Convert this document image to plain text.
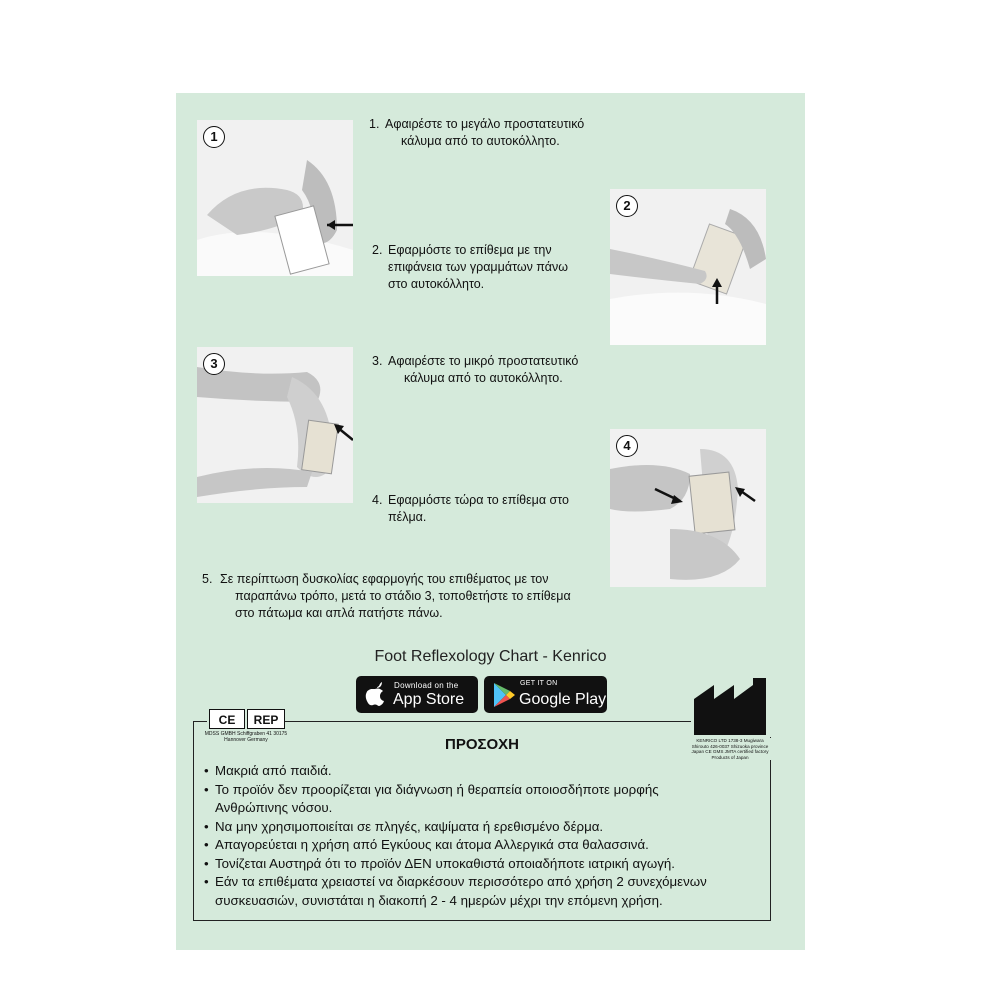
1
1. Αφαιρέστε το μεγάλο προστατευτικό
κάλυμα από το αυτοκόλλητο.
2
2. Εφαρμόστε το επίθεμα με την
επιφάνεια των γραμμάτων πάνω
στο αυτοκόλλητο.
3	3. Αφαιρέστε το μικρό προστατευτικό
κάλυμα από το αυτοκόλλητο.
4
4. Εφαρμόστε τώρα το επίθεμα στο
πέλμα.
5. Σε περίπτωση δυσκολίας εφαρμογής του επιθέματος με τον
παραπάνω τρόπο, μετά το στάδιο 3, τοποθετήστε το επίθεμα
στο πάτωμα και απλά πατήστε πάνω.
Foot Reflexology Chart - Kenrico
Download on the
App Store
GET IT ON
Google Play
ΠΡΟΣΟΧΗ
• Μακριά από παιδιά.
• Το προϊόν δεν προορίζεται για διάγνωση ή θεραπεία οποιοσδήποτε μορφής
Ανθρώπινης νόσου.
• Να μην χρησιμοποιείται σε πληγές, καψίματα ή ερεθισμένο δέρμα.
• Απαγορεύεται η χρήση από Εγκύους και άτομα Αλλεργικά στα θαλασσινά.
• Τονίζεται Αυστηρά ότι το προϊόν ΔΕΝ υποκαθιστά οποιαδήποτε ιατρική αγωγή.
• Εάν τα επιθέματα χρειαστεί να διαρκέσουν περισσότερο από χρήση 2 συνεχόμενων
συσκευασιών, συνιστάται η διακοπή 2 - 4 ημερών μέχρι την επόμενη χρήση.
CE	REP
MDSS GMBH Schiffgraben 41 30175
Hannover Germany	KENRICO LTD 1738-3 Mugiwara
Shirouto 426-0037 Shizuoka province
Japan CE GMS JMTA certified factory
Products of Japan
